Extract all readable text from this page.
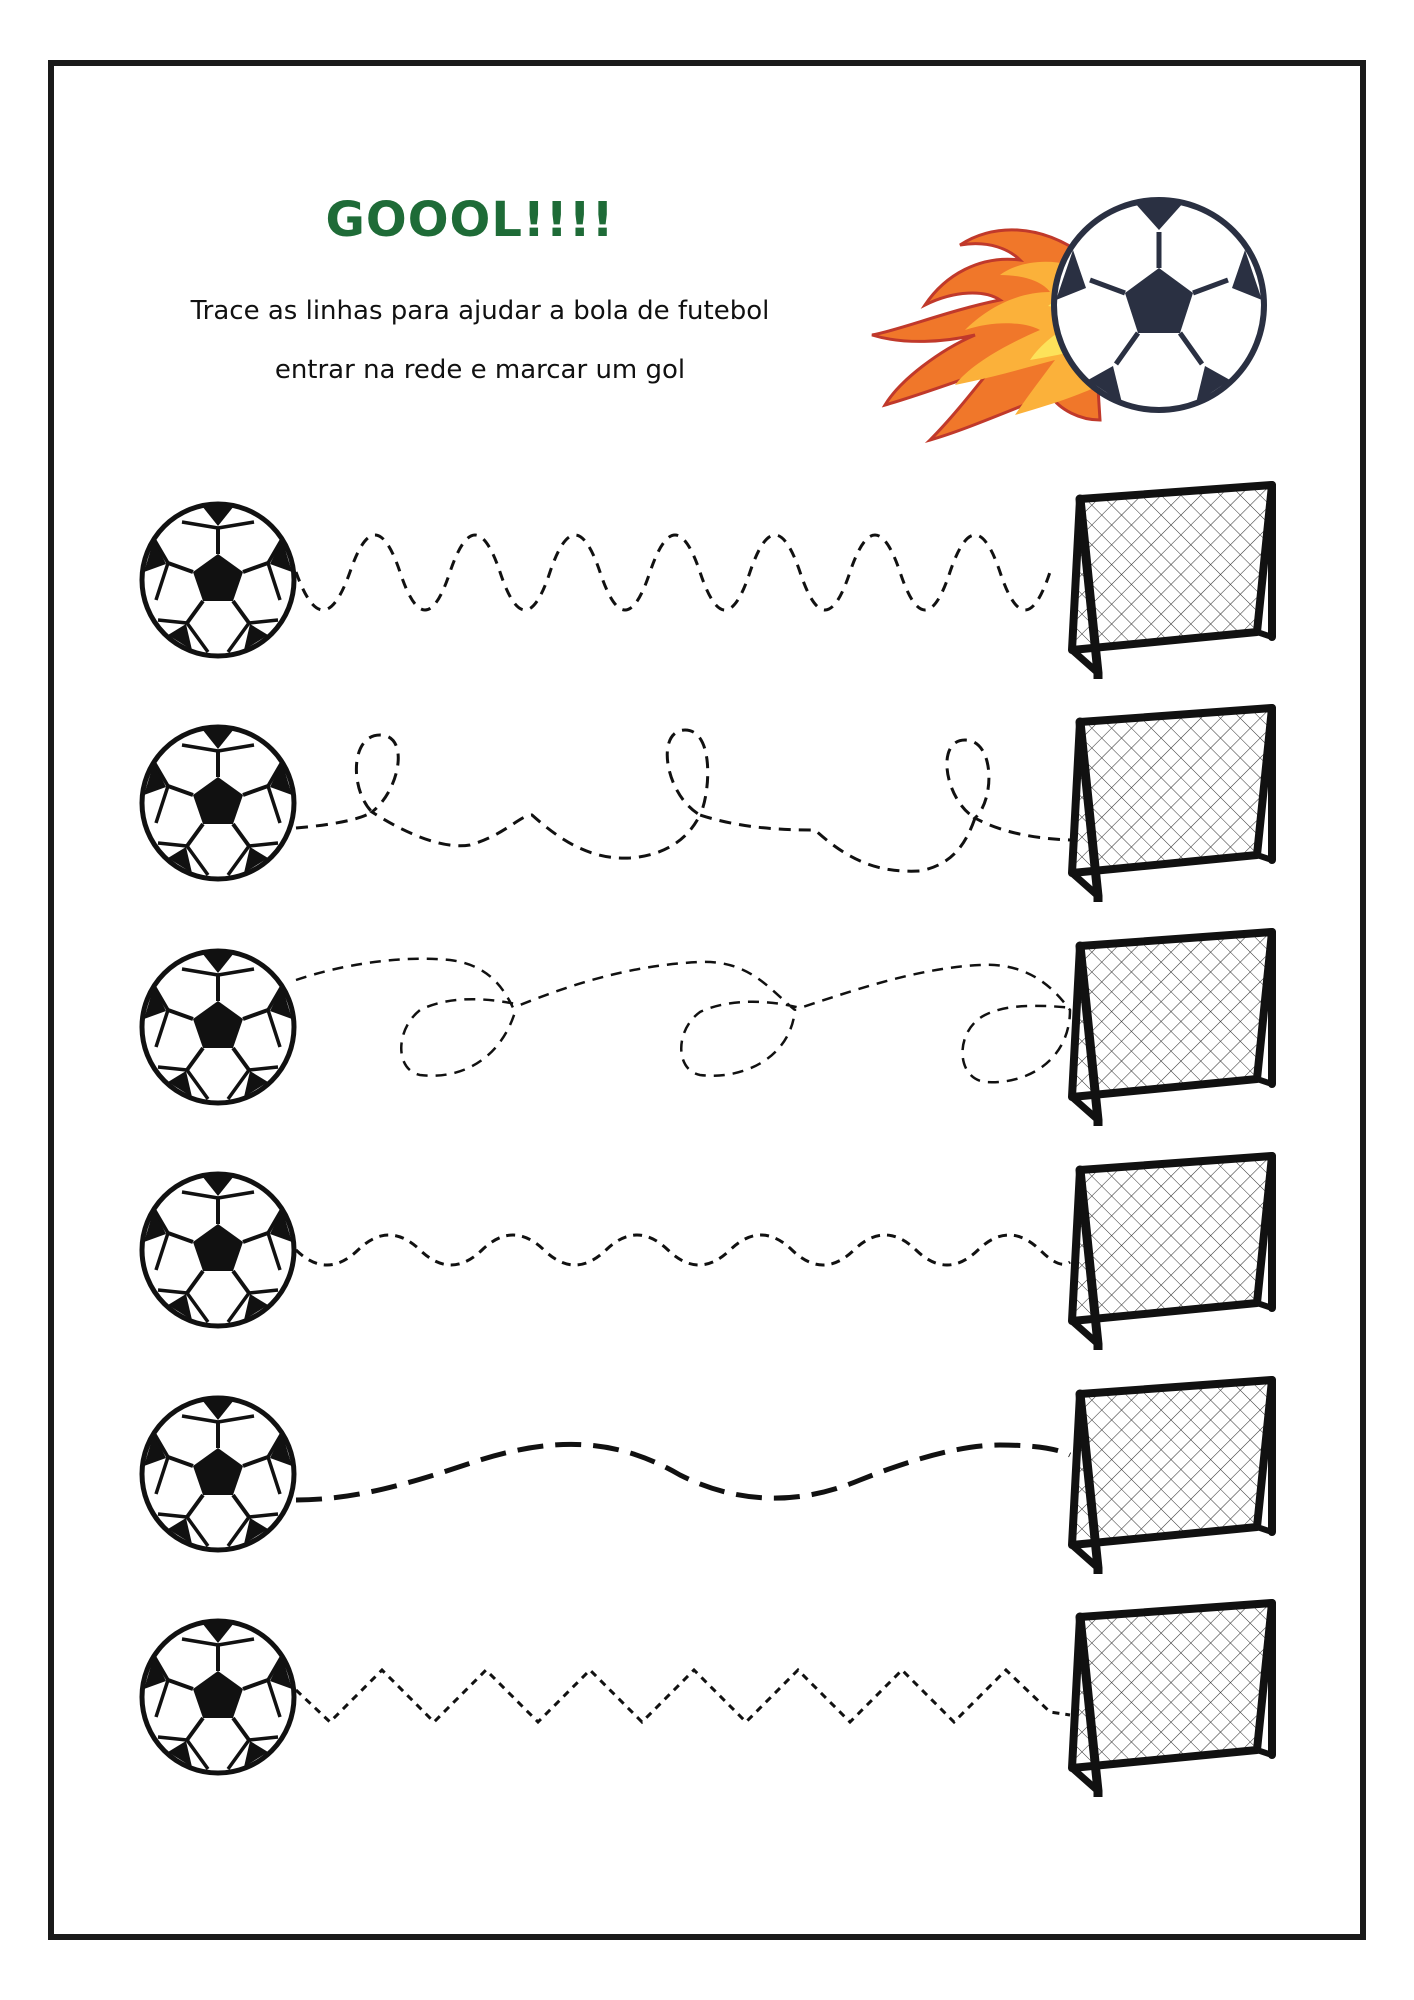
GOOOL!!!!

Trace as linhas para ajudar a bola de futebol

entrar na rede e marcar um gol
